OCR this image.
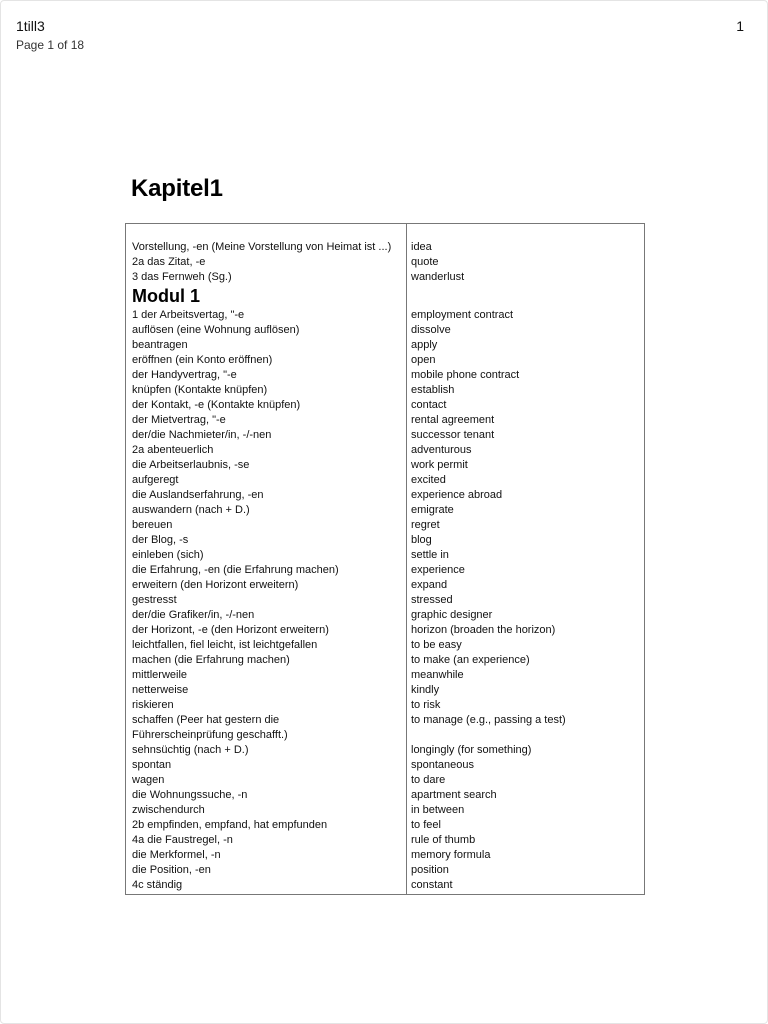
1till3
Page 1 of 18
1
Kapitel1
Vorstellung, -en (Meine Vorstellung von Heimat ist ...)
2a das Zitat, -e
3 das Fernweh (Sg.)
Modul 1
1 der Arbeitsvertag, "-e
auflösen (eine Wohnung auflösen)
beantragen
eröffnen (ein Konto eröffnen)
der Handyvertrag, "-e
knüpfen (Kontakte knüpfen)
der Kontakt, -e (Kontakte knüpfen)
der Mietvertrag, "-e
der/die Nachmieter/in, -/-nen
2a abenteuerlich
die Arbeitserlaubnis, -se
aufgeregt
die Auslandserfahrung, -en
auswandern (nach + D.)
bereuen
der Blog, -s
einleben (sich)
die Erfahrung, -en (die Erfahrung machen)
erweitern (den Horizont erweitern)
gestresst
der/die Grafiker/in, -/-nen
der Horizont, -e (den Horizont erweitern)
leichtfallen, fiel leicht, ist leichtgefallen
machen (die Erfahrung machen)
mittlerweile
netterweise
riskieren
schaffen (Peer hat gestern die
Führerscheinprüfung geschafft.)
sehnsüchtig (nach + D.)
spontan
wagen
die Wohnungssuche, -n
zwischendurch
2b empfinden, empfand, hat empfunden
4a die Faustregel, -n
die Merkformel, -n
die Position, -en
4c ständig
idea
quote
wanderlust
employment contract
dissolve
apply
open
mobile phone contract
establish
contact
rental agreement
successor tenant
adventurous
work permit
excited
experience abroad
emigrate
regret
blog
settle in
experience
expand
stressed
graphic designer
horizon (broaden the horizon)
to be easy
to make (an experience)
meanwhile
kindly
to risk
to manage (e.g., passing a test)
longingly (for something)
spontaneous
to dare
apartment search
in between
to feel
rule of thumb
memory formula
position
constant
